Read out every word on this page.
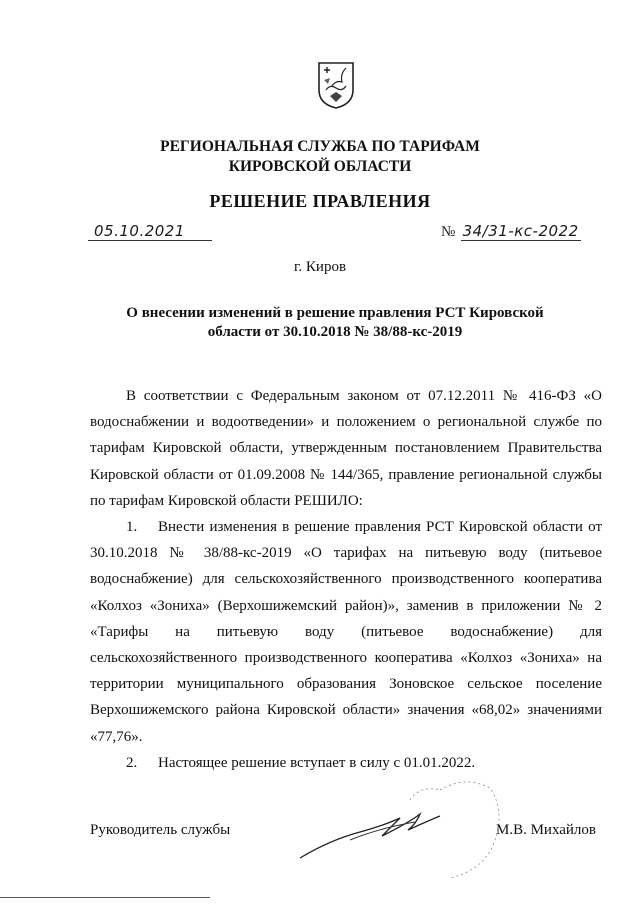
РЕГИОНАЛЬНАЯ СЛУЖБА ПО ТАРИФАМ
КИРОВСКОЙ ОБЛАСТИ
РЕШЕНИЕ ПРАВЛЕНИЯ
05.10.2021	№ 34/31-кс-2022
г. Киров
О внесении изменений в решение правления РСТ Кировской
области от 30.10.2018 № 38/88-кс-2019

В соответствии с Федеральным законом от 07.12.2011 № 416-ФЗ «О водоснабжении и водоотведении» и положением о региональной службе по тарифам Кировской области, утвержденным постановлением Правительства Кировской области от 01.09.2008 № 144/365, правление региональной службы по тарифам Кировской области РЕШИЛО:

1. Внести изменения в решение правления РСТ Кировской области от 30.10.2018 № 38/88-кс-2019 «О тарифах на питьевую воду (питьевое водоснабжение) для сельскохозяйственного производственного кооператива «Колхоз «Зониха» (Верхошижемский район)», заменив в приложении № 2 «Тарифы на питьевую воду (питьевое водоснабжение) для сельскохозяйственного производственного кооператива «Колхоз «Зониха» на территории муниципального образования Зоновское сельское поселение Верхошижемского района Кировской области» значения «68,02» значениями «77,76».

2. Настоящее решение вступает в силу с 01.01.2022.

Руководитель службы	М.В. Михайлов
